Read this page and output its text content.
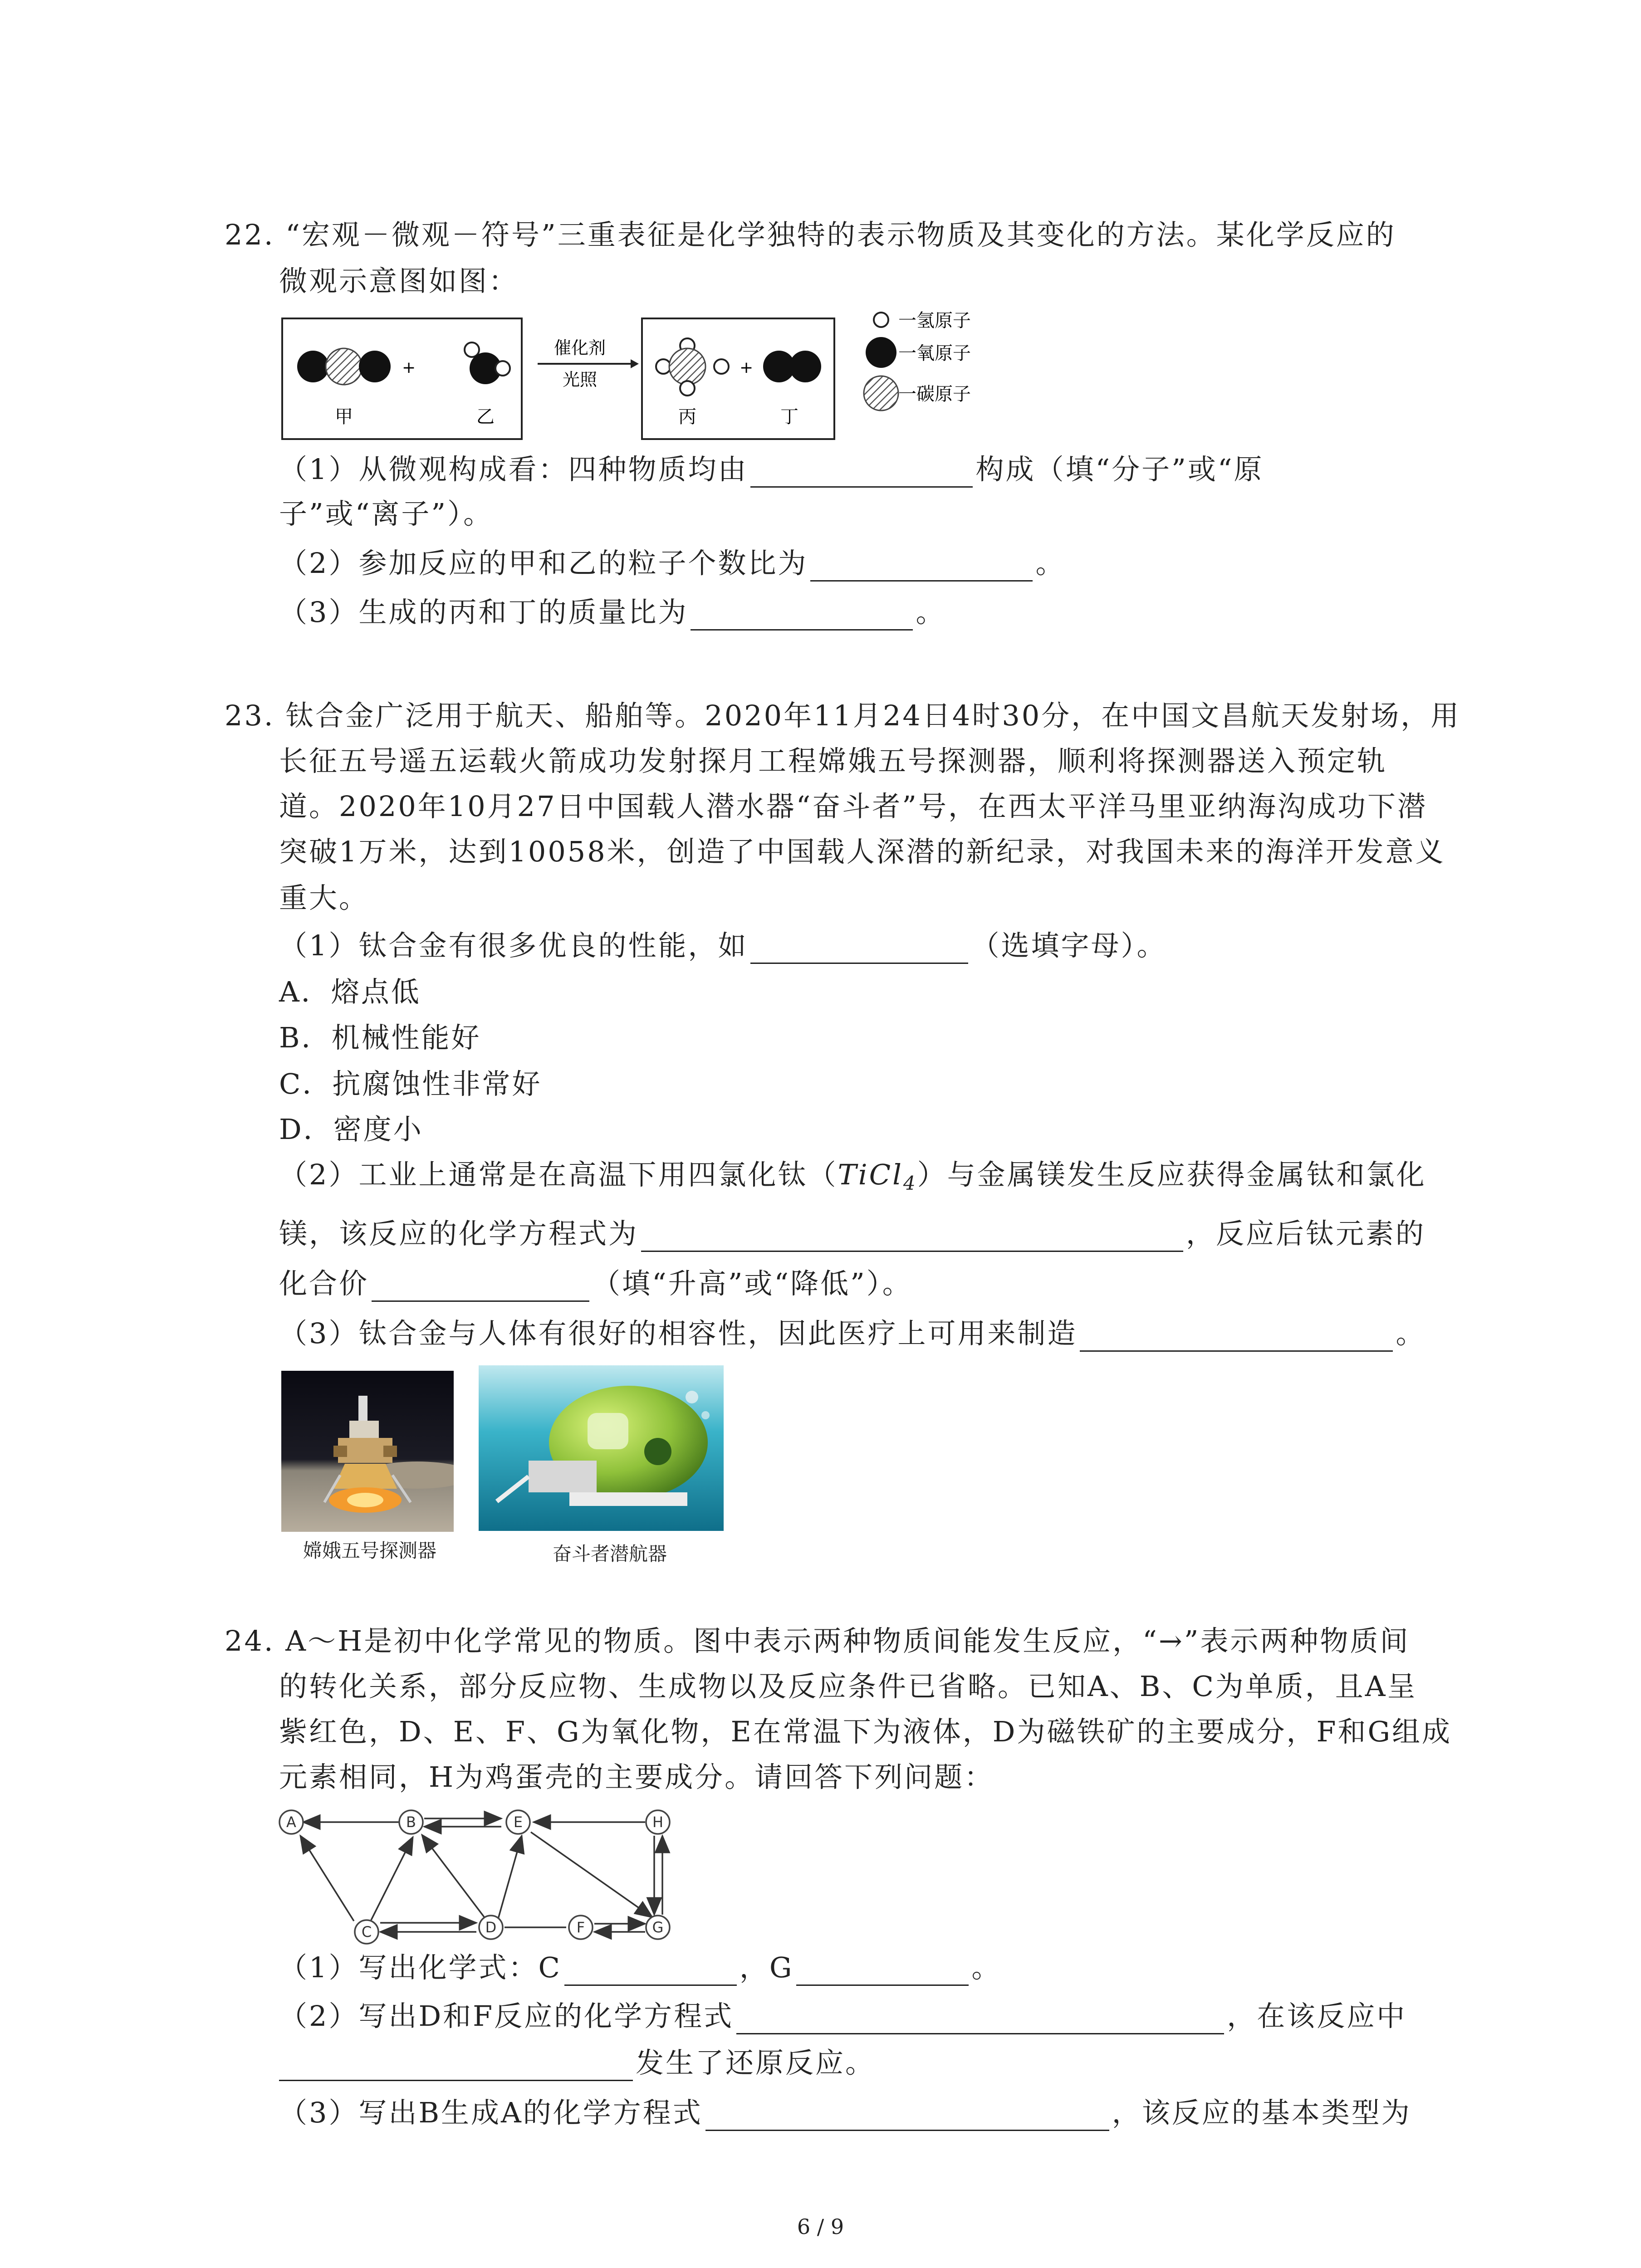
22. “宏观－微观－符号”三重表征是化学独特的表示物质及其变化的方法。某化学反应的
微观示意图如图：
+
甲	乙
催化剂
光照
+
丙	丁
一氢原子
一氧原子
一碳原子
（1）从微观构成看：四种物质均由	构成（填“分子”或“原
子”或“离子”）。
（2）参加反应的甲和乙的粒子个数比为	。
（3）生成的丙和丁的质量比为	。
23. 钛合金广泛用于航天、船舶等。2020年11月24日4时30分，在中国文昌航天发射场，用
长征五号遥五运载火箭成功发射探月工程嫦娥五号探测器，顺利将探测器送入预定轨
道。2020年10月27日中国载人潜水器“奋斗者”号，在西太平洋马里亚纳海沟成功下潜
突破1万米，达到10058米，创造了中国载人深潜的新纪录，对我国未来的海洋开发意义
重大。
（1）钛合金有很多优良的性能，如	（选填字母）。
A．熔点低
B．机械性能好
C．抗腐蚀性非常好
D．密度小
（2）工业上通常是在高温下用四氯化钛（TiCl$_4$）与金属镁发生反应获得金属钛和氯化
镁，该反应的化学方程式为	，反应后钛元素的
化合价	（填“升高”或“降低”）。
（3）钛合金与人体有很好的相容性，因此医疗上可用来制造	。
嫦娥五号探测器	奋斗者潜航器
24. A～H是初中化学常见的物质。图中表示两种物质间能发生反应，“→”表示两种物质间
的转化关系，部分反应物、生成物以及反应条件已省略。已知A、B、C为单质，且A呈
紫红色，D、E、F、G为氧化物，E在常温下为液体，D为磁铁矿的主要成分，F和G组成
元素相同，H为鸡蛋壳的主要成分。请回答下列问题：
A	B	E	H
C	D	F	G
（1）写出化学式：C	，G	。
（2）写出D和F反应的化学方程式	，在该反应中
发生了还原反应。
（3）写出B生成A的化学方程式	，该反应的基本类型为
6 / 9
